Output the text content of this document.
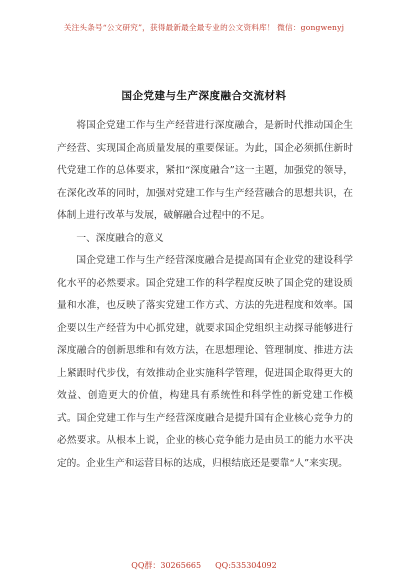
关注头条号“公文研究”，获得最新最全最专业的公文资料库！ 微信：gongwenyj
国企党建与生产深度融合交流材料

将国企党建工作与生产经营进行深度融合，是新时代推动国企生产经营、实现国企高质量发展的重要保证。为此，国企必须抓住新时代党建工作的总体要求，紧扣“深度融合”这一主题，加强党的领导，在深化改革的同时，加强对党建工作与生产经营融合的思想共识，在体制上进行改革与发展，破解融合过程中的不足。

一、深度融合的意义

国企党建工作与生产经营深度融合是提高国有企业党的建设科学化水平的必然要求。国企党建工作的科学程度反映了国企党的建设质量和水准，也反映了落实党建工作方式、方法的先进程度和效率。国企要以生产经营为中心抓党建，就要求国企党组织主动探寻能够进行深度融合的创新思维和有效方法，在思想理论、管理制度、推进方法上紧跟时代步伐，有效推动企业实施科学管理，促进国企取得更大的效益、创造更大的价值，构建具有系统性和科学性的新党建工作模式。国企党建工作与生产经营深度融合是提升国有企业核心竞争力的必然要求。从根本上说，企业的核心竞争能力是由员工的能力水平决定的。企业生产和运营目标的达成，归根结底还是要靠“人”来实现。

QQ群：30265665 QQ:535304092
